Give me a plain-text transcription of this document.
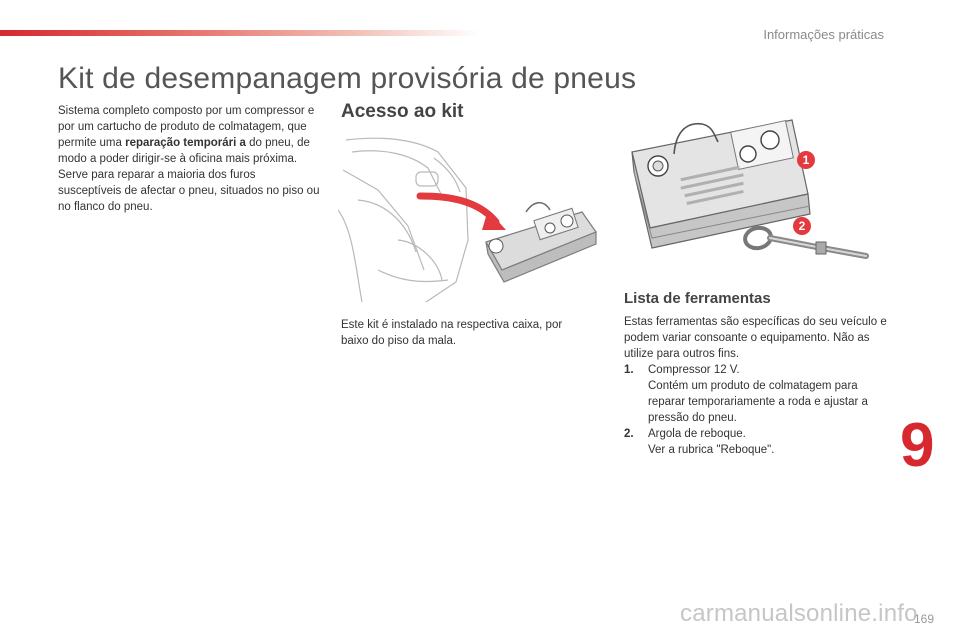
Informações práticas
Kit de desempanagem provisória de pneus
Sistema completo composto por um compressor e por um cartucho de produto de colmatagem, que permite uma reparação temporári a do pneu, de modo a poder dirigir-se à oficina mais próxima.
Serve para reparar a maioria dos furos susceptíveis de afectar o pneu, situados no piso ou no flanco do pneu.
Acesso ao kit
Este kit é instalado na respectiva caixa, por baixo do piso da mala.
1
2
Lista de ferramentas
Estas ferramentas são específicas do seu veículo e podem variar consoante o equipamento. Não as utilize para outros fins.
1.	Compressor 12 V.
Contém um produto de colmatagem para reparar temporariamente a roda e ajustar a pressão do pneu.
2.	Argola de reboque.
Ver a rubrica "Reboque". 9
carmanualsonline.info
169
